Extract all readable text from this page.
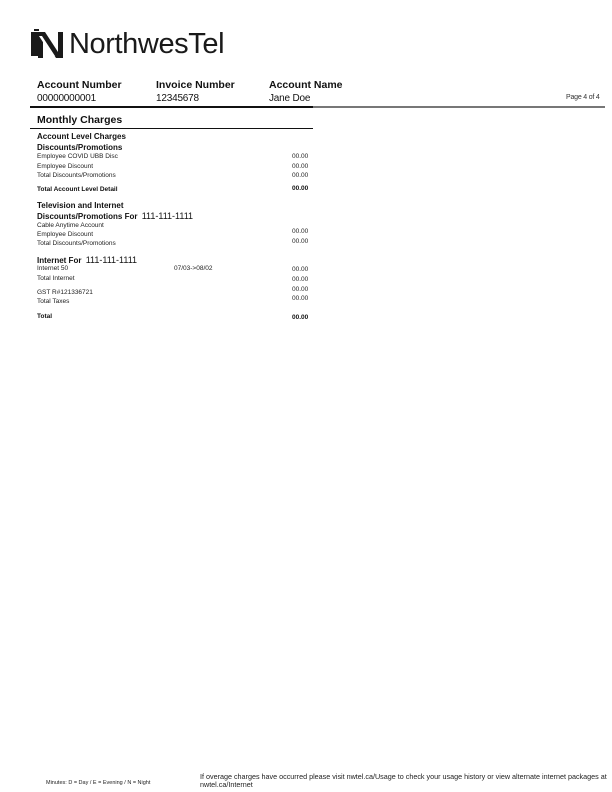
NorthwesTel
Account Number	Invoice Number	Account Name
00000000001	12345678	Jane Doe	Page 4 of 4
Monthly Charges
Account Level Charges
Discounts/Promotions
Employee COVID UBB Disc	00.00
Employee Discount	00.00
Total Discounts/Promotions	00.00
Total Account Level Detail	00.00
Television and Internet
Discounts/Promotions For 111-111-1111
Cable Anytime Account
Employee Discount	00.00
Total Discounts/Promotions	00.00
Internet For 111-111-1111
Internet 50	07/03->08/02	00.00
Total Internet	00.00
GST R#121336721	00.00
Total Taxes	00.00
Total	00.00
Minutes: D = Day / E = Evening / N = Night
If overage charges have occurred please visit nwtel.ca/Usage to check your usage history or view alternate internet packages at nwtel.ca/Internet
